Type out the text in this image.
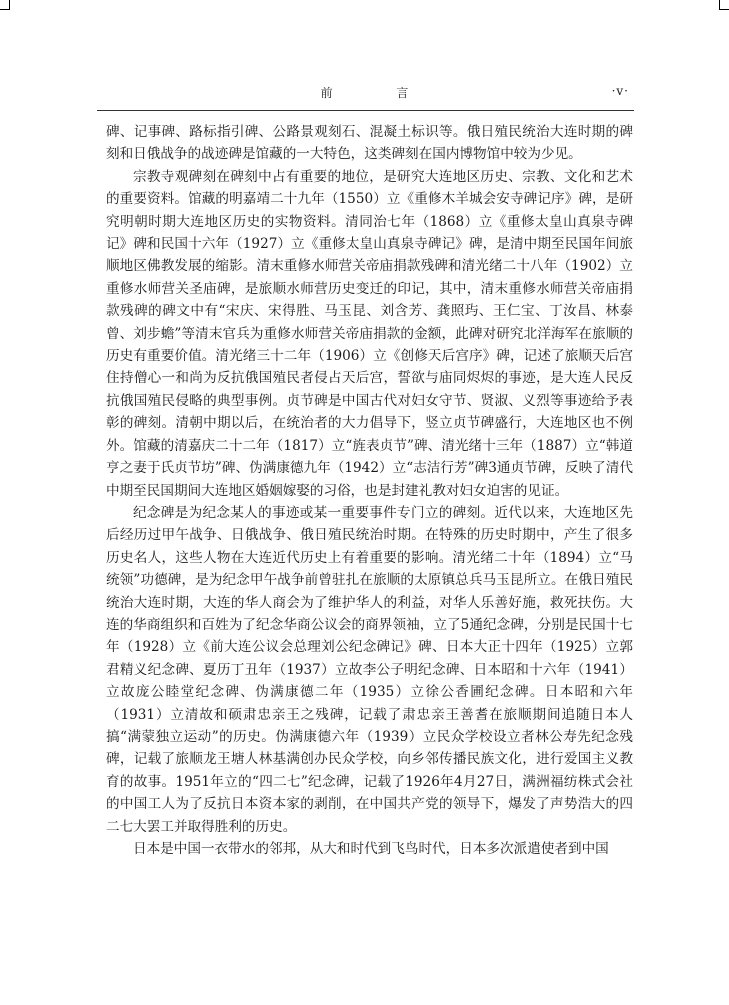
前 言	·v·

碑、记事碑、路标指引碑、公路景观刻石、混凝土标识等。俄日殖民统治大连时期的碑刻和日俄战争的战迹碑是馆藏的一大特色，这类碑刻在国内博物馆中较为少见。

宗教寺观碑刻在碑刻中占有重要的地位，是研究大连地区历史、宗教、文化和艺术的重要资料。馆藏的明嘉靖二十九年（1550）立《重修木羊城会安寺碑记序》碑，是研究明朝时期大连地区历史的实物资料。清同治七年（1868）立《重修太皇山真泉寺碑记》碑和民国十六年（1927）立《重修太皇山真泉寺碑记》碑，是清中期至民国年间旅顺地区佛教发展的缩影。清末重修水师营关帝庙捐款残碑和清光绪二十八年（1902）立重修水师营关圣庙碑，是旅顺水师营历史变迁的印记，其中，清末重修水师营关帝庙捐款残碑的碑文中有“宋庆、宋得胜、马玉昆、刘含芳、龚照玙、王仁宝、丁汝昌、林泰曾、刘步蟾”等清末官兵为重修水师营关帝庙捐款的金额，此碑对研究北洋海军在旅顺的历史有重要价值。清光绪三十二年（1906）立《创修天后宫序》碑，记述了旅顺天后宫住持僧心一和尚为反抗俄国殖民者侵占天后宫，誓欲与庙同烬烬的事迹，是大连人民反抗俄国殖民侵略的典型事例。贞节碑是中国古代对妇女守节、贤淑、义烈等事迹给予表彰的碑刻。清朝中期以后，在统治者的大力倡导下，竖立贞节碑盛行，大连地区也不例外。馆藏的清嘉庆二十二年（1817）立“旌表贞节”碑、清光绪十三年（1887）立“韩道亨之妻于氏贞节坊”碑、伪满康德九年（1942）立“志洁行芳”碑3通贞节碑，反映了清代中期至民国期间大连地区婚姻嫁娶的习俗，也是封建礼教对妇女迫害的见证。

纪念碑是为纪念某人的事迹或某一重要事件专门立的碑刻。近代以来，大连地区先后经历过甲午战争、日俄战争、俄日殖民统治时期。在特殊的历史时期中，产生了很多历史名人，这些人物在大连近代历史上有着重要的影响。清光绪二十年（1894）立“马统领”功德碑，是为纪念甲午战争前曾驻扎在旅顺的太原镇总兵马玉昆所立。在俄日殖民统治大连时期，大连的华人商会为了维护华人的利益，对华人乐善好施，救死扶伤。大连的华商组织和百姓为了纪念华商公议会的商界领袖，立了5通纪念碑，分别是民国十七年（1928）立《前大连公议会总理刘公纪念碑记》碑、日本大正十四年（1925）立郭君精义纪念碑、夏历丁丑年（1937）立故李公子明纪念碑、日本昭和十六年（1941）立故庞公睦堂纪念碑、伪满康德二年（1935）立徐公香圃纪念碑。日本昭和六年（1931）立清故和硕肃忠亲王之残碑，记载了肃忠亲王善耆在旅顺期间追随日本人搞“满蒙独立运动”的历史。伪满康德六年（1939）立民众学校设立者林公寿先纪念残碑，记载了旅顺龙王塘人林基满创办民众学校，向乡邻传播民族文化，进行爱国主义教育的故事。1951年立的“四二七”纪念碑，记载了1926年4月27日，满洲福纺株式会社的中国工人为了反抗日本资本家的剥削，在中国共产党的领导下，爆发了声势浩大的四二七大罢工并取得胜利的历史。

日本是中国一衣带水的邻邦，从大和时代到飞鸟时代，日本多次派遣使者到中国
